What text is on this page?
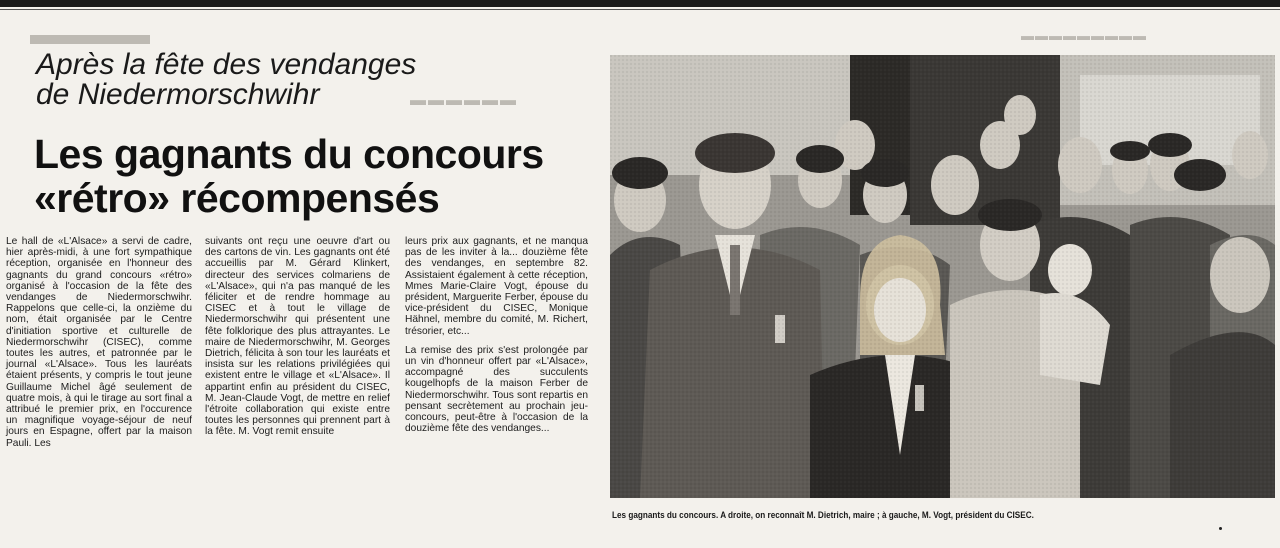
▬▬▬▬
▬▬▬▬▬▬
▬▬▬▬▬▬▬▬▬
Après la fête des vendanges
de Niedermorschwihr
Les gagnants du concours
«rétro» récompensés

Le hall de «L'Alsace» a servi de cadre, hier après-midi, à une fort sympathique réception, organisée en l'honneur des gagnants du grand concours «rétro» organisé à l'occasion de la fête des vendanges de Niedermorschwihr. Rappelons que celle-ci, la onzième du nom, était organisée par le Centre d'initiation sportive et culturelle de Niedermorschwihr (CISEC), comme toutes les autres, et patronnée par le journal «L'Alsace». Tous les lauréats étaient présents, y compris le tout jeune Guillaume Michel âgé seulement de quatre mois, à qui le tirage au sort final a attribué le premier prix, en l'occurence un magnifique voyage-séjour de neuf jours en Espagne, offert par la maison Pauli. Les

suivants ont reçu une oeuvre d'art ou des cartons de vin. Les gagnants ont été accueillis par M. Gérard Klinkert, directeur des services colmariens de «L'Alsace», qui n'a pas manqué de les féliciter et de rendre hommage au CISEC et à tout le village de Niedermorschwihr qui présentent une fête folklorique des plus attrayantes. Le maire de Niedermorschwihr, M. Georges Dietrich, félicita à son tour les lauréats et insista sur les relations privilégiées qui existent entre le village et «L'Alsace». Il appartint enfin au président du CISEC, M. Jean-Claude Vogt, de mettre en relief l'étroite collaboration qui existe entre toutes les personnes qui prennent part à la fête. M. Vogt remit ensuite

leurs prix aux gagnants, et ne manqua pas de les inviter à la... douzième fête des vendanges, en septembre 82. Assistaient également à cette réception, Mmes Marie-Claire Vogt, épouse du président, Marguerite Ferber, épouse du vice-président du CISEC, Monique Hähnel, membre du comité, M. Richert, trésorier, etc...

La remise des prix s'est prolongée par un vin d'honneur offert par «L'Alsace», accompagné des succulents kougelhopfs de la maison Ferber de Niedermorschwihr. Tous sont repartis en pensant secrètement au prochain jeu-concours, peut-être à l'occasion de la douzième fête des vendanges...

Les gagnants du concours. A droite, on reconnaît M. Dietrich, maire ; à gauche, M. Vogt, président du CISEC.
